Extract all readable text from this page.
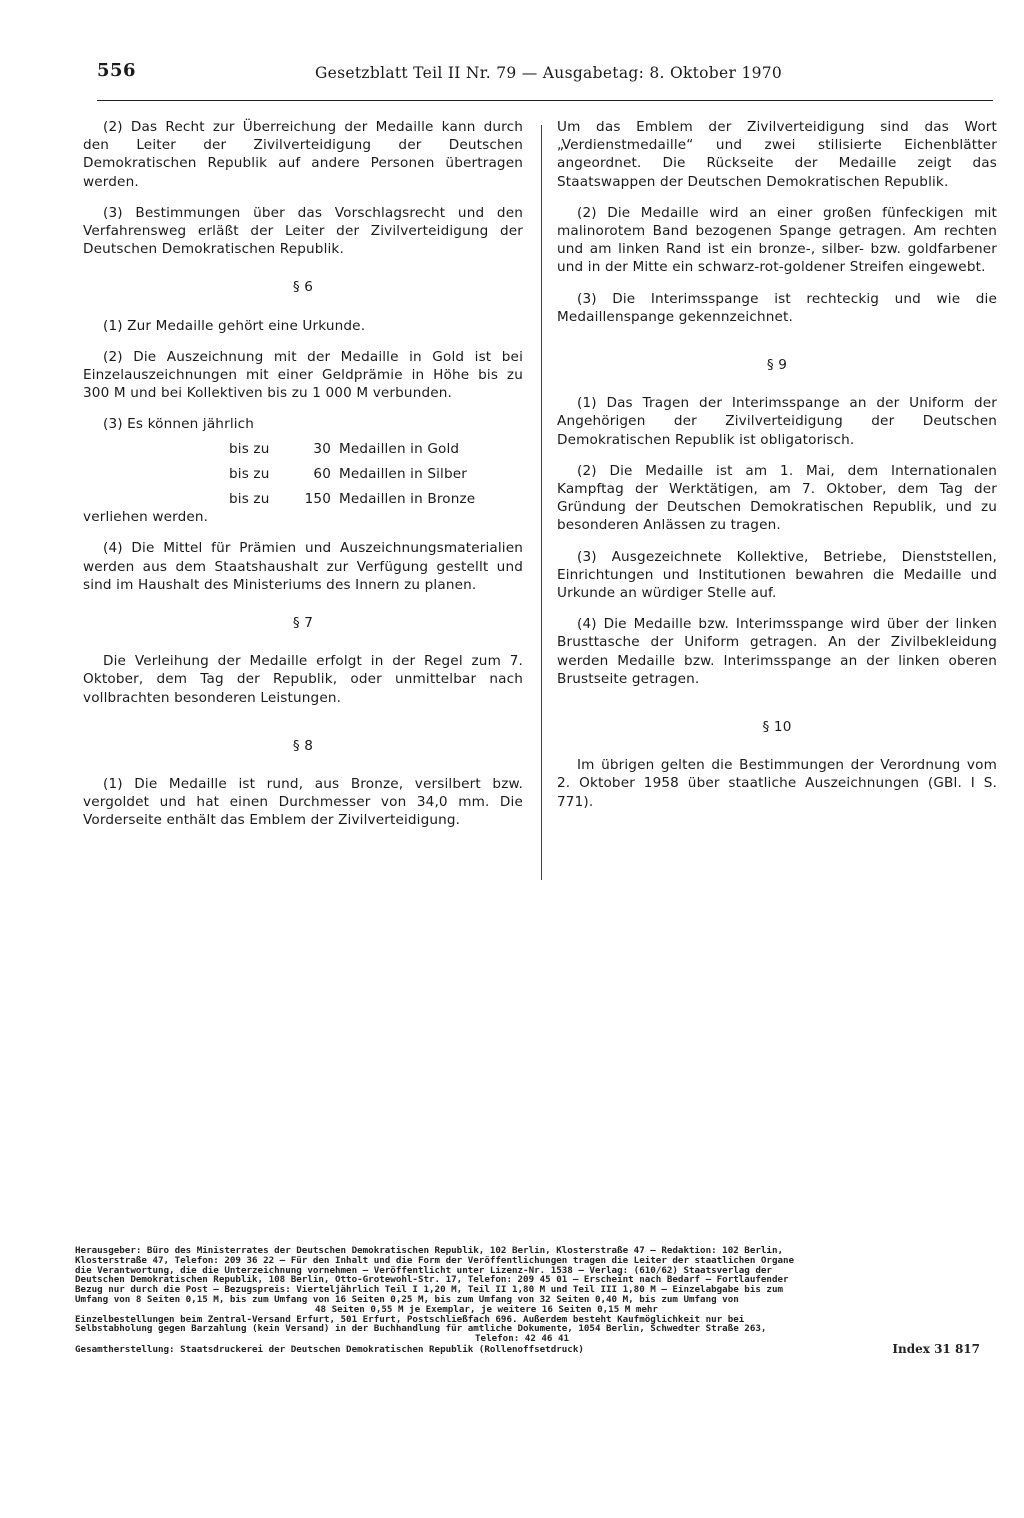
556	Gesetzblatt Teil II Nr. 79 — Ausgabetag: 8. Oktober 1970

(2) Das Recht zur Überreichung der Medaille kann durch den Leiter der Zivilverteidigung der Deutschen Demokratischen Republik auf andere Personen übertragen werden.

(3) Bestimmungen über das Vorschlagsrecht und den Verfahrensweg erläßt der Leiter der Zivilverteidigung der Deutschen Demokratischen Republik.

§ 6

(1) Zur Medaille gehört eine Urkunde.

(2) Die Auszeichnung mit der Medaille in Gold ist bei Einzelauszeichnungen mit einer Geldprämie in Höhe bis zu 300 M und bei Kollektiven bis zu 1 000 M verbunden.

(3) Es können jährlich

bis zu	30 Medaillen in Gold
bis zu	60 Medaillen in Silber
bis zu	150 Medaillen in Bronze

verliehen werden.

(4) Die Mittel für Prämien und Auszeichnungsmaterialien werden aus dem Staatshaushalt zur Verfügung gestellt und sind im Haushalt des Ministeriums des Innern zu planen.

§ 7

Die Verleihung der Medaille erfolgt in der Regel zum 7. Oktober, dem Tag der Republik, oder unmittelbar nach vollbrachten besonderen Leistungen.

§ 8

(1) Die Medaille ist rund, aus Bronze, versilbert bzw. vergoldet und hat einen Durchmesser von 34,0 mm. Die Vorderseite enthält das Emblem der Zivilverteidigung.

Um das Emblem der Zivilverteidigung sind das Wort „Verdienstmedaille“ und zwei stilisierte Eichenblätter angeordnet. Die Rückseite der Medaille zeigt das Staatswappen der Deutschen Demokratischen Republik.

(2) Die Medaille wird an einer großen fünfeckigen mit malinorotem Band bezogenen Spange getragen. Am rechten und am linken Rand ist ein bronze-, silber- bzw. goldfarbener und in der Mitte ein schwarz-rot-goldener Streifen eingewebt.

(3) Die Interimsspange ist rechteckig und wie die Medaillenspange gekennzeichnet.

§ 9

(1) Das Tragen der Interimsspange an der Uniform der Angehörigen der Zivilverteidigung der Deutschen Demokratischen Republik ist obligatorisch.

(2) Die Medaille ist am 1. Mai, dem Internationalen Kampftag der Werktätigen, am 7. Oktober, dem Tag der Gründung der Deutschen Demokratischen Republik, und zu besonderen Anlässen zu tragen.

(3) Ausgezeichnete Kollektive, Betriebe, Dienststellen, Einrichtungen und Institutionen bewahren die Medaille und Urkunde an würdiger Stelle auf.

(4) Die Medaille bzw. Interimsspange wird über der linken Brusttasche der Uniform getragen. An der Zivilbekleidung werden Medaille bzw. Interimsspange an der linken oberen Brustseite getragen.

§ 10

Im übrigen gelten die Bestimmungen der Verordnung vom 2. Oktober 1958 über staatliche Auszeichnungen (GBl. I S. 771).

Herausgeber: Büro des Ministerrates der Deutschen Demokratischen Republik, 102 Berlin, Klosterstraße 47 – Redaktion: 102 Berlin,
Klosterstraße 47, Telefon: 209 36 22 – Für den Inhalt und die Form der Veröffentlichungen tragen die Leiter der staatlichen Organe
die Verantwortung, die die Unterzeichnung vornehmen – Veröffentlicht unter Lizenz-Nr. 1538 – Verlag: (610/62) Staatsverlag der
Deutschen Demokratischen Republik, 108 Berlin, Otto-Grotewohl-Str. 17, Telefon: 209 45 01 – Erscheint nach Bedarf – Fortlaufender
Bezug nur durch die Post – Bezugspreis: Vierteljährlich Teil I 1,20 M, Teil II 1,80 M und Teil III 1,80 M – Einzelabgabe bis zum
Umfang von 8 Seiten 0,15 M, bis zum Umfang von 16 Seiten 0,25 M, bis zum Umfang von 32 Seiten 0,40 M, bis zum Umfang von
48 Seiten 0,55 M je Exemplar, je weitere 16 Seiten 0,15 M mehr
Einzelbestellungen beim Zentral-Versand Erfurt, 501 Erfurt, Postschließfach 696. Außerdem besteht Kaufmöglichkeit nur bei
Selbstabholung gegen Barzahlung (kein Versand) in der Buchhandlung für amtliche Dokumente, 1054 Berlin, Schwedter Straße 263,
Telefon: 42 46 41
Gesamtherstellung: Staatsdruckerei der Deutschen Demokratischen Republik (Rollenoffsetdruck)	Index 31 817
